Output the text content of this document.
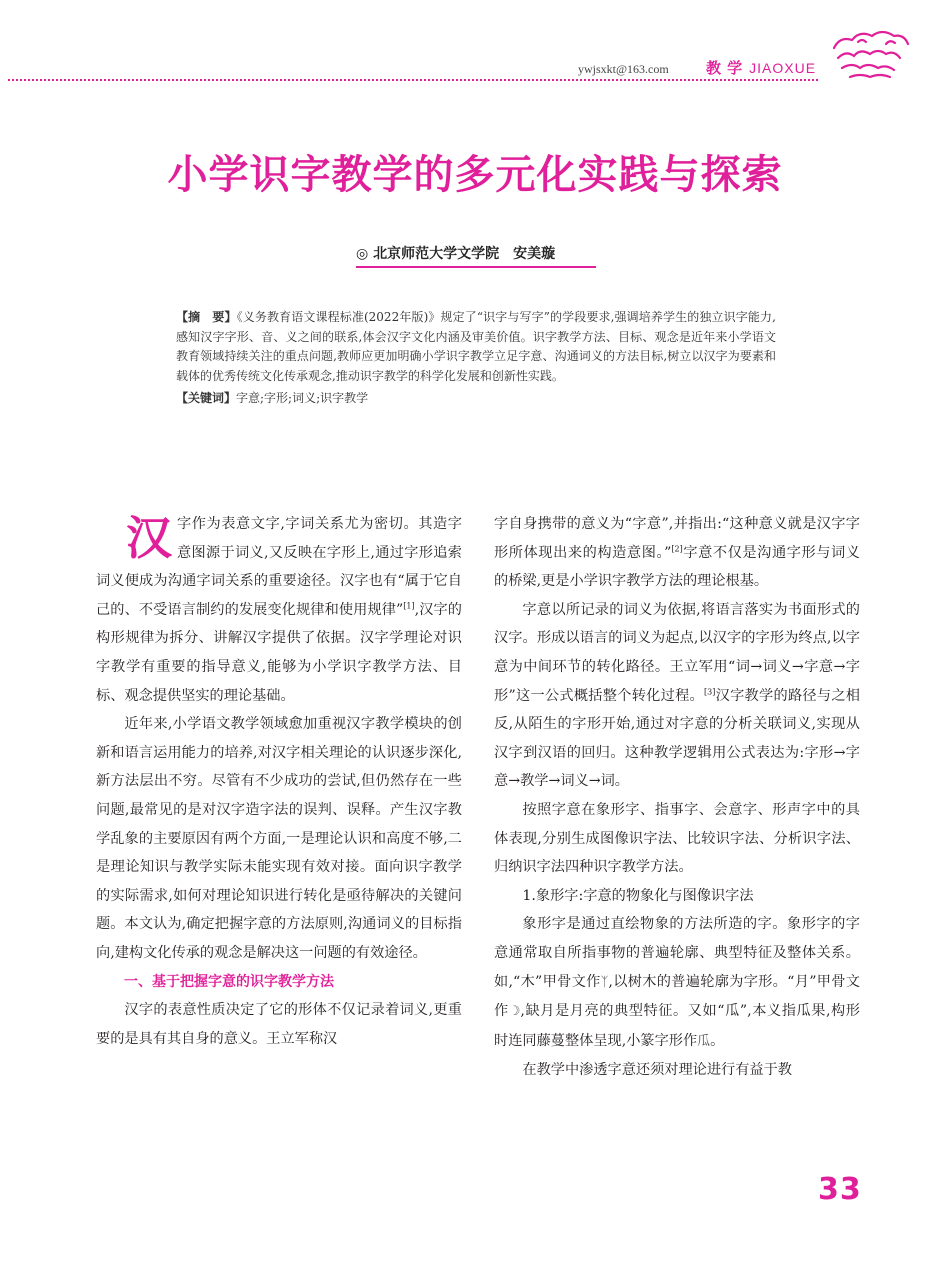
ywjsxkt@163.com 教 学 JIAOXUE
小学识字教学的多元化实践与探索
◎ 北京师范大学文学院　安美璇
【摘　要】《义务教育语文课程标准(2022年版)》规定了“识字与写字”的学段要求,强调培养学生的独立识字能力,感知汉字字形、音、义之间的联系,体会汉字文化内涵及审美价值。识字教学方法、目标、观念是近年来小学语文教育领域持续关注的重点问题,教师应更加明确小学识字教学立足字意、沟通词义的方法目标,树立以汉字为要素和载体的优秀传统文化传承观念,推动识字教学的科学化发展和创新性实践。
【关键词】字意;字形;词义;识字教学

汉字作为表意文字,字词关系尤为密切。其造字意图源于词义,又反映在字形上,通过字形追索词义便成为沟通字词关系的重要途径。汉字也有“属于它自己的、不受语言制约的发展变化规律和使用规律”[1],汉字的构形规律为拆分、讲解汉字提供了依据。汉字学理论对识字教学有重要的指导意义,能够为小学识字教学方法、目标、观念提供坚实的理论基础。

近年来,小学语文教学领域愈加重视汉字教学模块的创新和语言运用能力的培养,对汉字相关理论的认识逐步深化,新方法层出不穷。尽管有不少成功的尝试,但仍然存在一些问题,最常见的是对汉字造字法的误判、误释。产生汉字教学乱象的主要原因有两个方面,一是理论认识和高度不够,二是理论知识与教学实际未能实现有效对接。面向识字教学的实际需求,如何对理论知识进行转化是亟待解决的关键问题。本文认为,确定把握字意的方法原则,沟通词义的目标指向,建构文化传承的观念是解决这一问题的有效途径。

一、基于把握字意的识字教学方法

汉字的表意性质决定了它的形体不仅记录着词义,更重要的是具有其自身的意义。王立军称汉

字自身携带的意义为“字意”,并指出:“这种意义就是汉字字形所体现出来的构造意图。”[2]字意不仅是沟通字形与词义的桥梁,更是小学识字教学方法的理论根基。

字意以所记录的词义为依据,将语言落实为书面形式的汉字。形成以语言的词义为起点,以汉字的字形为终点,以字意为中间环节的转化路径。王立军用“词→词义→字意→字形”这一公式概括整个转化过程。[3]汉字教学的路径与之相反,从陌生的字形开始,通过对字意的分析关联词义,实现从汉字到汉语的回归。这种教学逻辑用公式表达为:字形→字意→教学→词义→词。

按照字意在象形字、指事字、会意字、形声字中的具体表现,分别生成图像识字法、比较识字法、分析识字法、归纳识字法四种识字教学方法。

1.象形字:字意的物象化与图像识字法

象形字是通过直绘物象的方法所造的字。象形字的字意通常取自所指事物的普遍轮廓、典型特征及整体关系。如,“木”甲骨文作ᛉ,以树木的普遍轮廓为字形。“月”甲骨文作☽,缺月是月亮的典型特征。又如“瓜”,本义指瓜果,构形时连同藤蔓整体呈现,小篆字形作瓜。

在教学中渗透字意还须对理论进行有益于教

33
